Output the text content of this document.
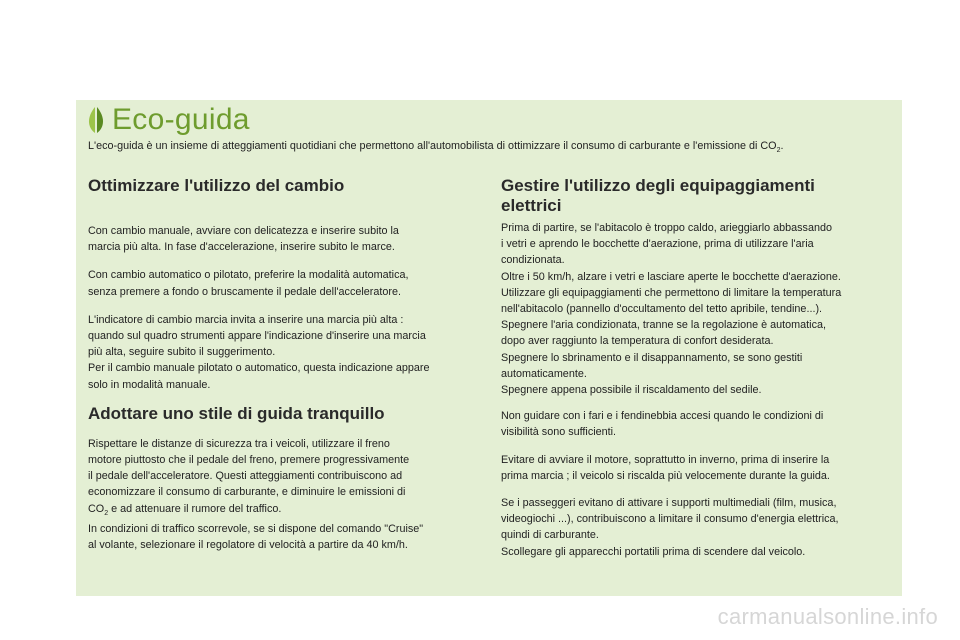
Eco-guida

L'eco-guida è un insieme di atteggiamenti quotidiani che permettono all'automobilista di ottimizzare il consumo di carburante e l'emissione di $CO_2$.

Ottimizzare l'utilizzo del cambio

Con cambio manuale, avviare con delicatezza e inserire subito la
marcia più alta. In fase d'accelerazione, inserire subito le marce.

Con cambio automatico o pilotato, preferire la modalità automatica,
senza premere a fondo o bruscamente il pedale dell'acceleratore.

L'indicatore di cambio marcia invita a inserire una marcia più alta :
quando sul quadro strumenti appare l'indicazione d'inserire una marcia
più alta, seguire subito il suggerimento.
Per il cambio manuale pilotato o automatico, questa indicazione appare
solo in modalità manuale.

Adottare uno stile di guida tranquillo

Rispettare le distanze di sicurezza tra i veicoli, utilizzare il freno
motore piuttosto che il pedale del freno, premere progressivamente
il pedale dell'acceleratore. Questi atteggiamenti contribuiscono ad
economizzare il consumo di carburante, e diminuire le emissioni di
$CO_2$ e ad attenuare il rumore del traffico.

In condizioni di traffico scorrevole, se si dispone del comando "Cruise"
al volante, selezionare il regolatore di velocità a partire da 40 km/h.

Gestire l'utilizzo degli equipaggiamenti
elettrici

Prima di partire, se l'abitacolo è troppo caldo, arieggiarlo abbassando
i vetri e aprendo le bocchette d'aerazione, prima di utilizzare l'aria
condizionata.
Oltre i 50 km/h, alzare i vetri e lasciare aperte le bocchette d'aerazione.
Utilizzare gli equipaggiamenti che permettono di limitare la temperatura
nell'abitacolo (pannello d'occultamento del tetto apribile, tendine...).
Spegnere l'aria condizionata, tranne se la regolazione è automatica,
dopo aver raggiunto la temperatura di confort desiderata.
Spegnere lo sbrinamento e il disappannamento, se sono gestiti
automaticamente.
Spegnere appena possibile il riscaldamento del sedile.

Non guidare con i fari e i fendinebbia accesi quando le condizioni di
visibilità sono sufficienti.

Evitare di avviare il motore, soprattutto in inverno, prima di inserire la
prima marcia ; il veicolo si riscalda più velocemente durante la guida.

Se i passeggeri evitano di attivare i supporti multimediali (film, musica,
videogiochi ...), contribuiscono a limitare il consumo d'energia elettrica,
quindi di carburante.
Scollegare gli apparecchi portatili prima di scendere dal veicolo.

carmanualsonline.info
